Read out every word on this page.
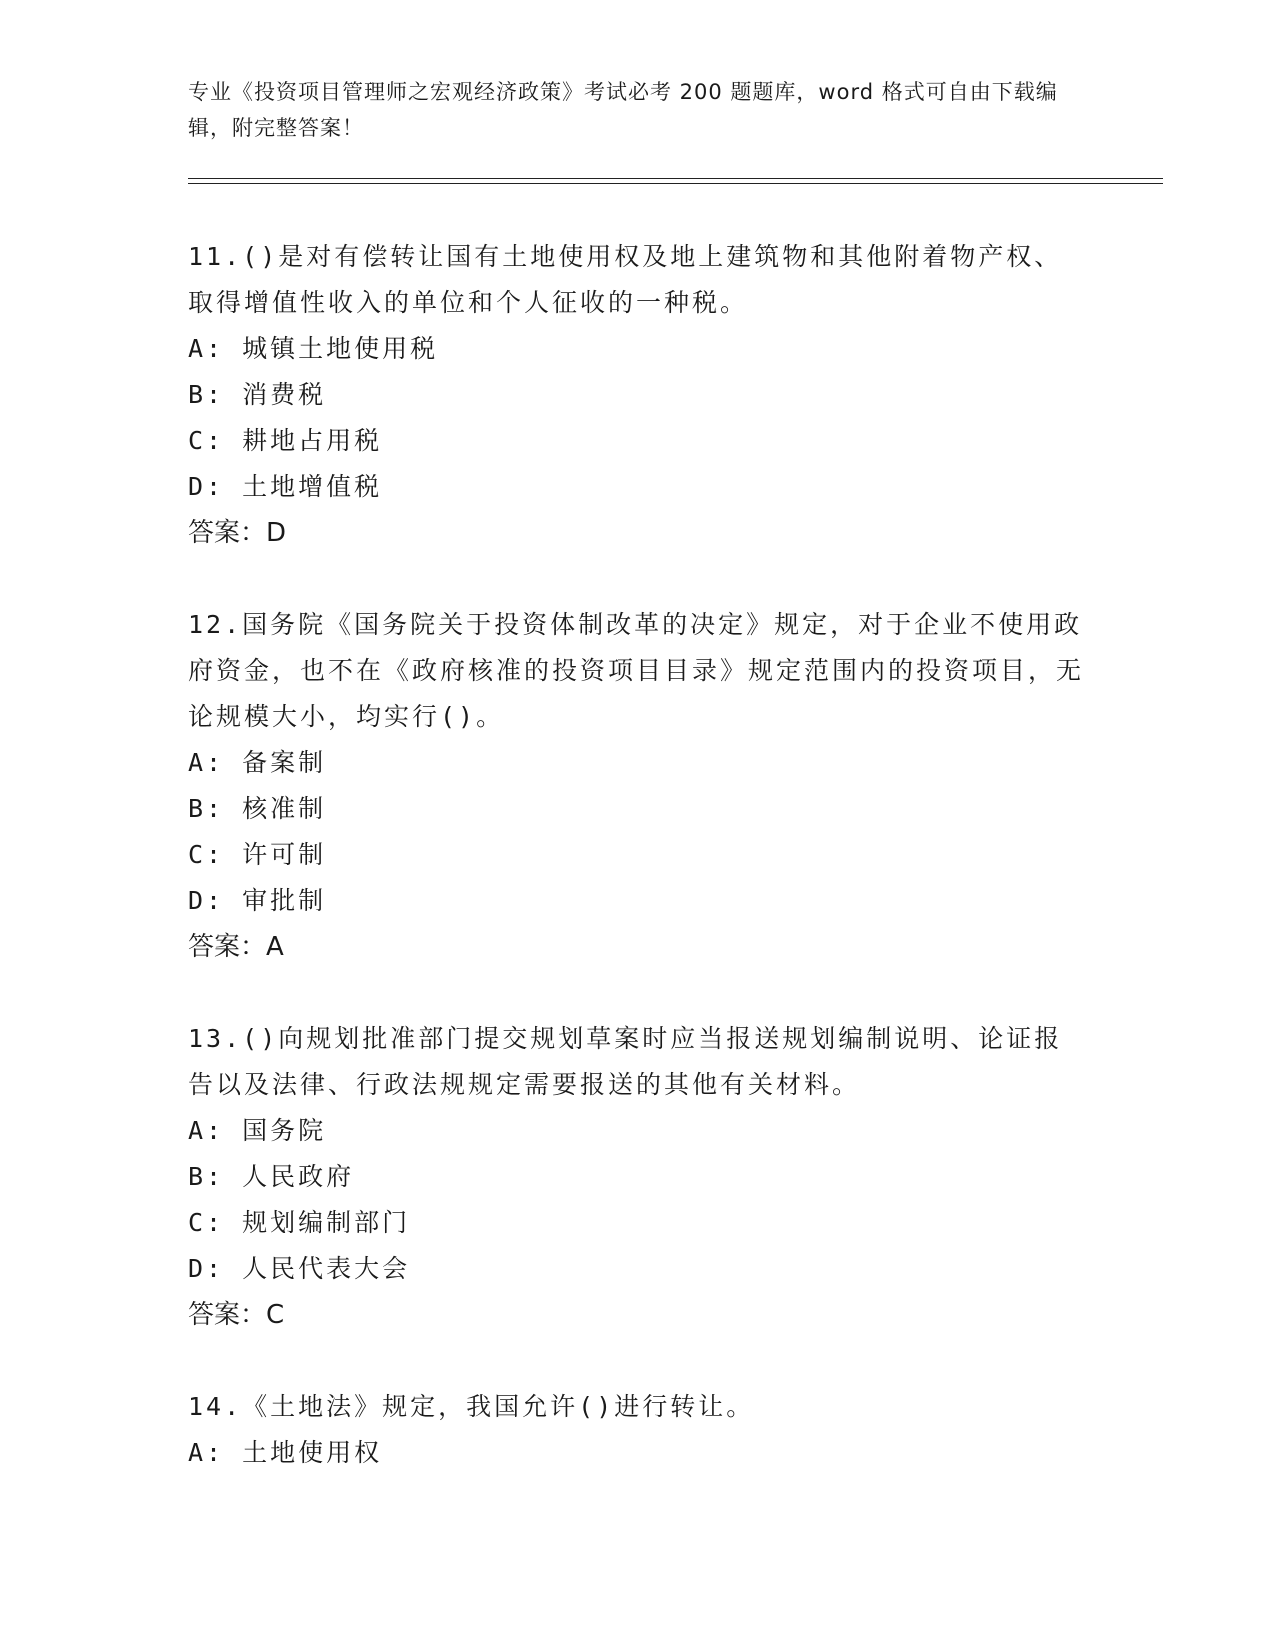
专业《投资项目管理师之宏观经济政策》考试必考 200 题题库，word 格式可自由下载编辑，附完整答案！

11.()是对有偿转让国有土地使用权及地上建筑物和其他附着物产权、取得增值性收入的单位和个人征收的一种税。

A: 城镇土地使用税
B: 消费税
C: 耕地占用税
D: 土地增值税

答案：D

12.国务院《国务院关于投资体制改革的决定》规定，对于企业不使用政府资金，也不在《政府核准的投资项目目录》规定范围内的投资项目，无论规模大小，均实行()。

A: 备案制
B: 核准制
C: 许可制
D: 审批制

答案：A

13.()向规划批准部门提交规划草案时应当报送规划编制说明、论证报告以及法律、行政法规规定需要报送的其他有关材料。

A: 国务院
B: 人民政府
C: 规划编制部门
D: 人民代表大会

答案：C

14.《土地法》规定，我国允许()进行转让。

A: 土地使用权
